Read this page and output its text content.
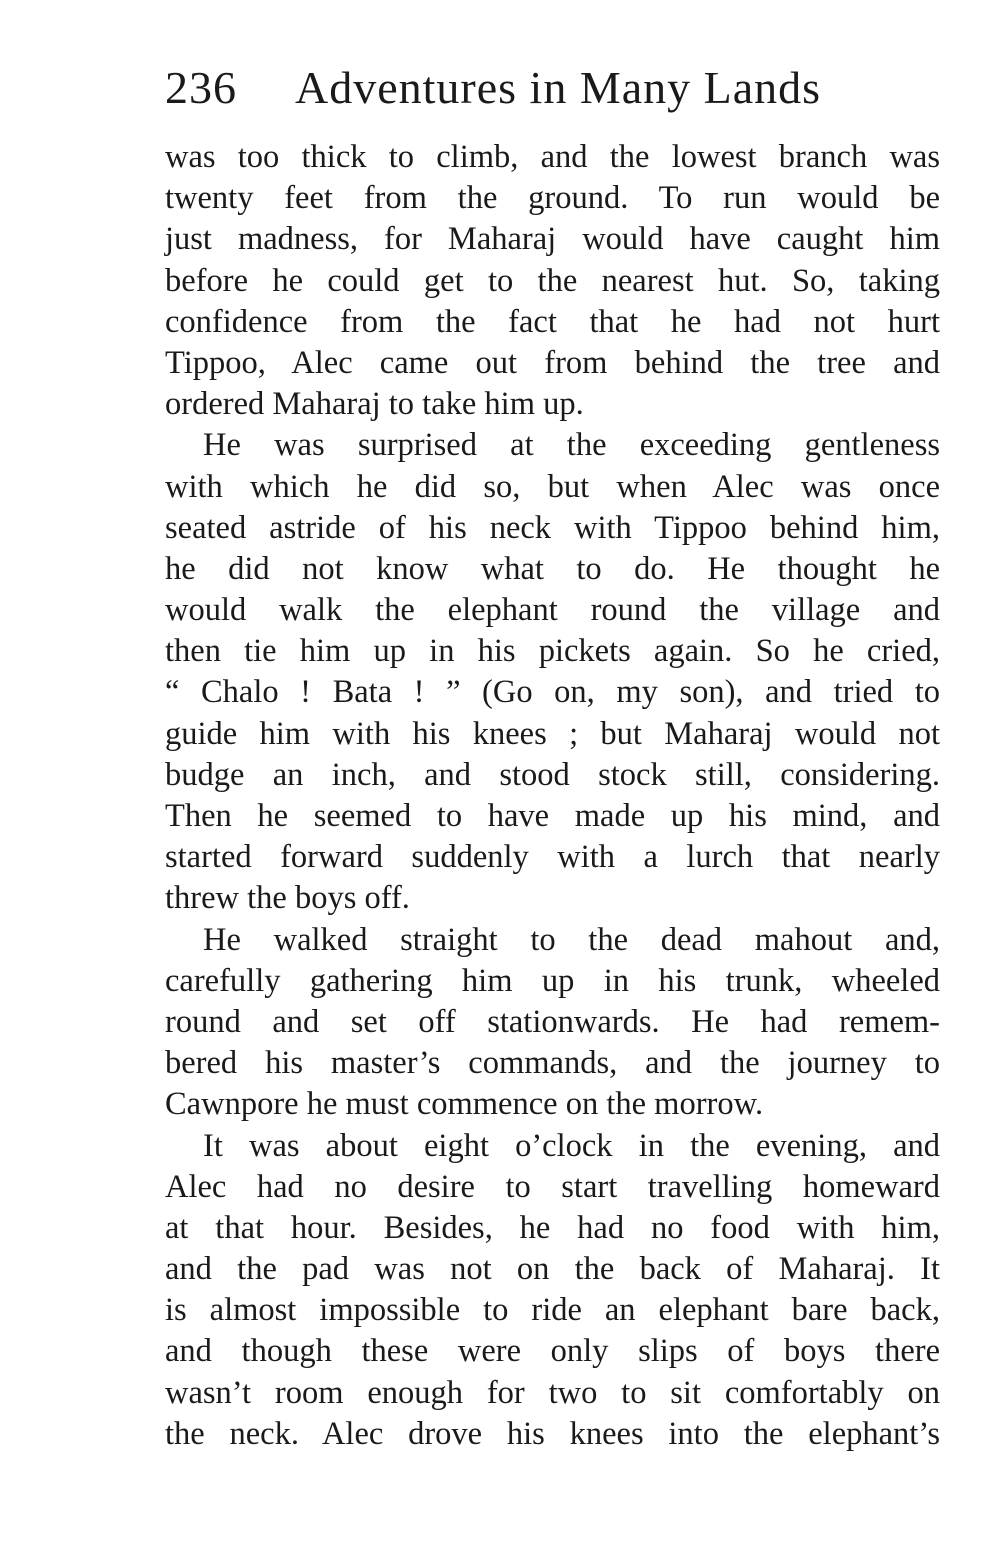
236 Adventures in Many Lands
was too thick to climb, and the lowest branch was
twenty feet from the ground. To run would be
just madness, for Maharaj would have caught him
before he could get to the nearest hut. So, taking
confidence from the fact that he had not hurt
Tippoo, Alec came out from behind the tree and
ordered Maharaj to take him up.
He was surprised at the exceeding gentleness
with which he did so, but when Alec was once
seated astride of his neck with Tippoo behind him,
he did not know what to do. He thought he
would walk the elephant round the village and
then tie him up in his pickets again. So he cried,
“ Chalo ! Bata ! ” (Go on, my son), and tried to
guide him with his knees ; but Maharaj would not
budge an inch, and stood stock still, considering.
Then he seemed to have made up his mind, and
started forward suddenly with a lurch that nearly
threw the boys off.
He walked straight to the dead mahout and,
carefully gathering him up in his trunk, wheeled
round and set off stationwards. He had remem-
bered his master’s commands, and the journey to
Cawnpore he must commence on the morrow.
It was about eight o’clock in the evening, and
Alec had no desire to start travelling homeward
at that hour. Besides, he had no food with him,
and the pad was not on the back of Maharaj. It
is almost impossible to ride an elephant bare back,
and though these were only slips of boys there
wasn’t room enough for two to sit comfortably on
the neck. Alec drove his knees into the elephant’s
